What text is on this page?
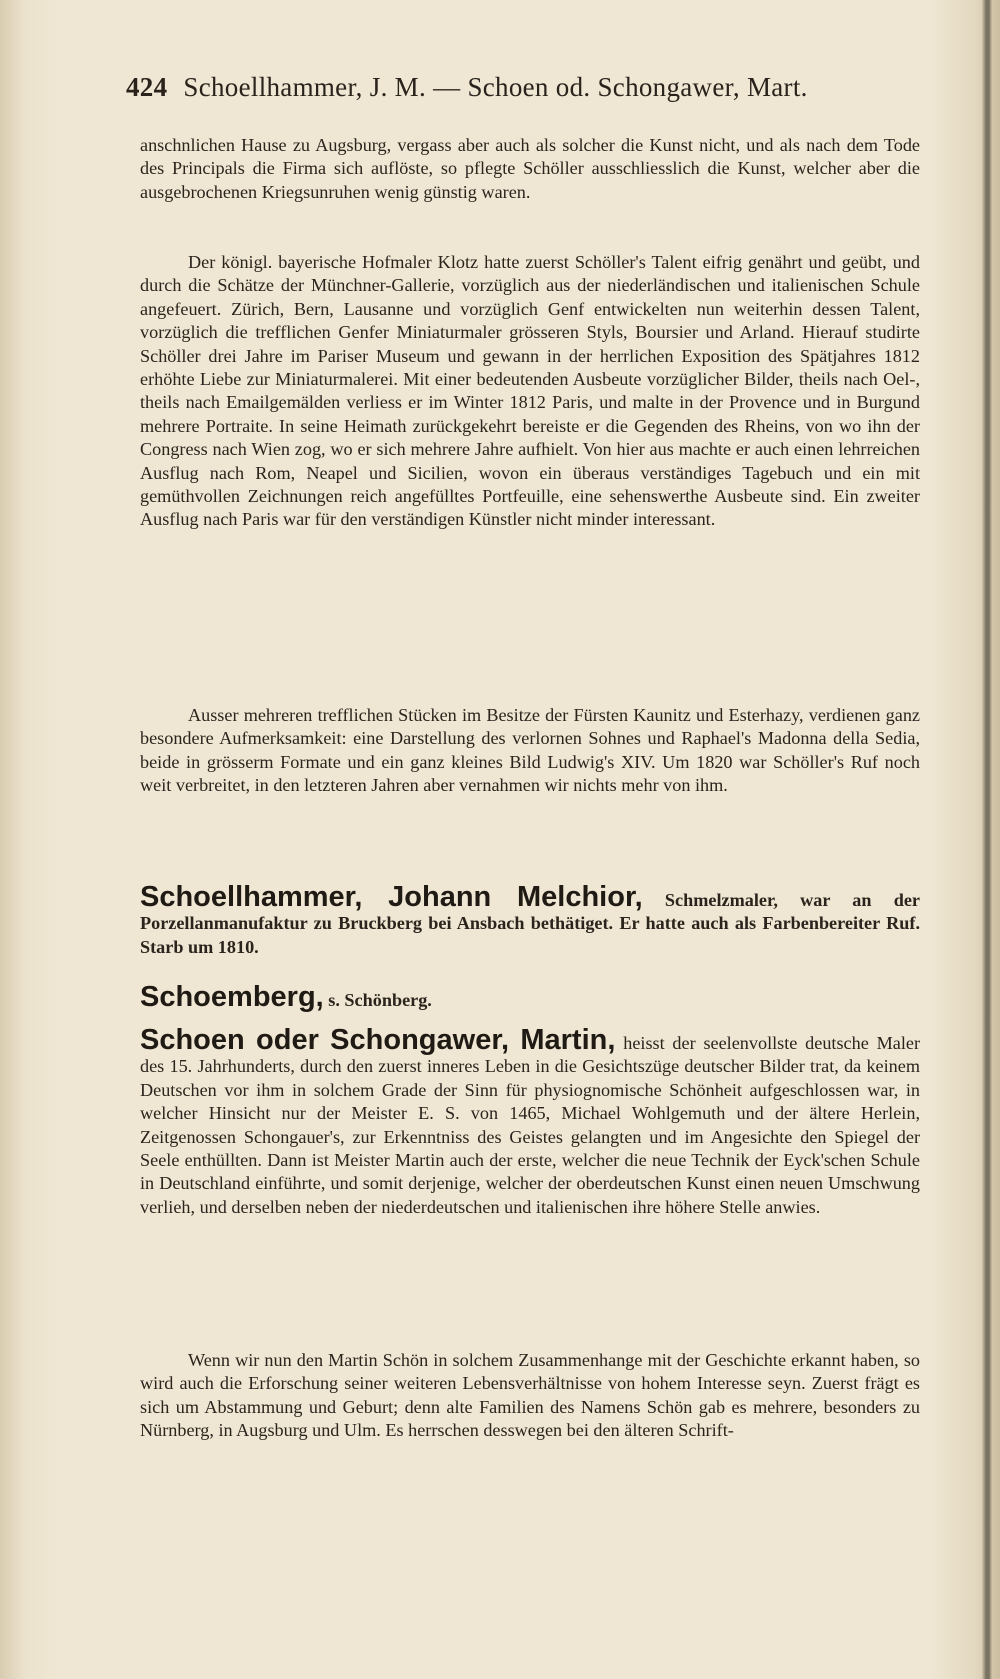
424 Schoellhammer, J. M. — Schoen od. Schongawer, Mart.

anschnlichen Hause zu Augsburg, vergass aber auch als solcher die Kunst nicht, und als nach dem Tode des Principals die Firma sich auflöste, so pflegte Schöller ausschliesslich die Kunst, welcher aber die ausgebrochenen Kriegsunruhen wenig günstig waren.

Der königl. bayerische Hofmaler Klotz hatte zuerst Schöller's Talent eifrig genährt und geübt, und durch die Schätze der Münchner-Gallerie, vorzüglich aus der niederländischen und italienischen Schule angefeuert. Zürich, Bern, Lausanne und vorzüglich Genf entwickelten nun weiterhin dessen Talent, vorzüglich die trefflichen Genfer Miniaturmaler grösseren Styls, Boursier und Arland. Hierauf studirte Schöller drei Jahre im Pariser Museum und gewann in der herrlichen Exposition des Spätjahres 1812 erhöhte Liebe zur Miniaturmalerei. Mit einer bedeutenden Ausbeute vorzüglicher Bilder, theils nach Oel-, theils nach Emailgemälden verliess er im Winter 1812 Paris, und malte in der Provence und in Burgund mehrere Portraite. In seine Heimath zurückgekehrt bereiste er die Gegenden des Rheins, von wo ihn der Congress nach Wien zog, wo er sich mehrere Jahre aufhielt. Von hier aus machte er auch einen lehrreichen Ausflug nach Rom, Neapel und Sicilien, wovon ein überaus verständiges Tagebuch und ein mit gemüthvollen Zeichnungen reich angefülltes Portfeuille, eine sehenswerthe Ausbeute sind. Ein zweiter Ausflug nach Paris war für den verständigen Künstler nicht minder interessant.

Ausser mehreren trefflichen Stücken im Besitze der Fürsten Kaunitz und Esterhazy, verdienen ganz besondere Aufmerksamkeit: eine Darstellung des verlornen Sohnes und Raphael's Madonna della Sedia, beide in grösserm Formate und ein ganz kleines Bild Ludwig's XIV. Um 1820 war Schöller's Ruf noch weit verbreitet, in den letzteren Jahren aber vernahmen wir nichts mehr von ihm.

Schoellhammer, Johann Melchior, Schmelzmaler, war an der Porzellanmanufaktur zu Bruckberg bei Ansbach bethätiget. Er hatte auch als Farbenbereiter Ruf. Starb um 1810.
Schoemberg, s. Schönberg.
Schoen oder Schongawer, Martin, heisst der seelenvollste deutsche Maler des 15. Jahrhunderts, durch den zuerst inneres Leben in die Gesichtszüge deutscher Bilder trat, da keinem Deutschen vor ihm in solchem Grade der Sinn für physiognomische Schönheit aufgeschlossen war, in welcher Hinsicht nur der Meister E. S. von 1465, Michael Wohlgemuth und der ältere Herlein, Zeitgenossen Schongauer's, zur Erkenntniss des Geistes gelangten und im Angesichte den Spiegel der Seele enthüllten. Dann ist Meister Martin auch der erste, welcher die neue Technik der Eyck'schen Schule in Deutschland einführte, und somit derjenige, welcher der oberdeutschen Kunst einen neuen Umschwung verlieh, und derselben neben der niederdeutschen und italienischen ihre höhere Stelle anwies.

Wenn wir nun den Martin Schön in solchem Zusammenhange mit der Geschichte erkannt haben, so wird auch die Erforschung seiner weiteren Lebensverhältnisse von hohem Interesse seyn. Zuerst frägt es sich um Abstammung und Geburt; denn alte Familien des Namens Schön gab es mehrere, besonders zu Nürnberg, in Augsburg und Ulm. Es herrschen desswegen bei den älteren Schrift-
